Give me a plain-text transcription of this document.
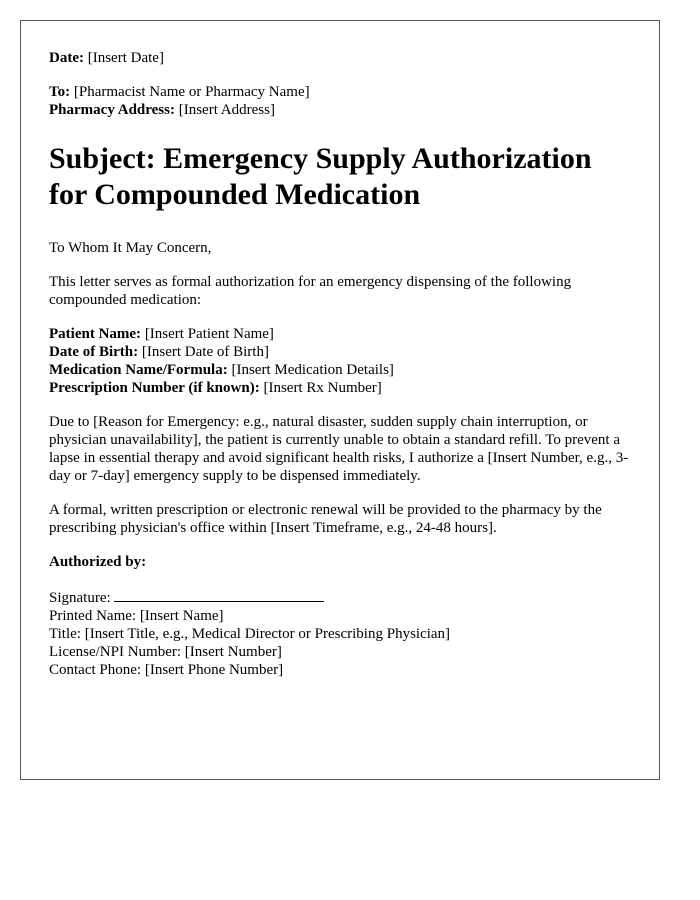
Date: [Insert Date]
To: [Pharmacist Name or Pharmacy Name]
Pharmacy Address: [Insert Address]
Subject: Emergency Supply Authorization for Compounded Medication

To Whom It May Concern,

This letter serves as formal authorization for an emergency dispensing of the following compounded medication:

Patient Name: [Insert Patient Name]
Date of Birth: [Insert Date of Birth]
Medication Name/Formula: [Insert Medication Details]
Prescription Number (if known): [Insert Rx Number]

Due to [Reason for Emergency: e.g., natural disaster, sudden supply chain interruption, or physician unavailability], the patient is currently unable to obtain a standard refill. To prevent a lapse in essential therapy and avoid significant health risks, I authorize a [Insert Number, e.g., 3-day or 7-day] emergency supply to be dispensed immediately.

A formal, written prescription or electronic renewal will be provided to the pharmacy by the prescribing physician's office within [Insert Timeframe, e.g., 24-48 hours].

Authorized by:

Signature:
Printed Name: [Insert Name]
Title: [Insert Title, e.g., Medical Director or Prescribing Physician]
License/NPI Number: [Insert Number]
Contact Phone: [Insert Phone Number]
